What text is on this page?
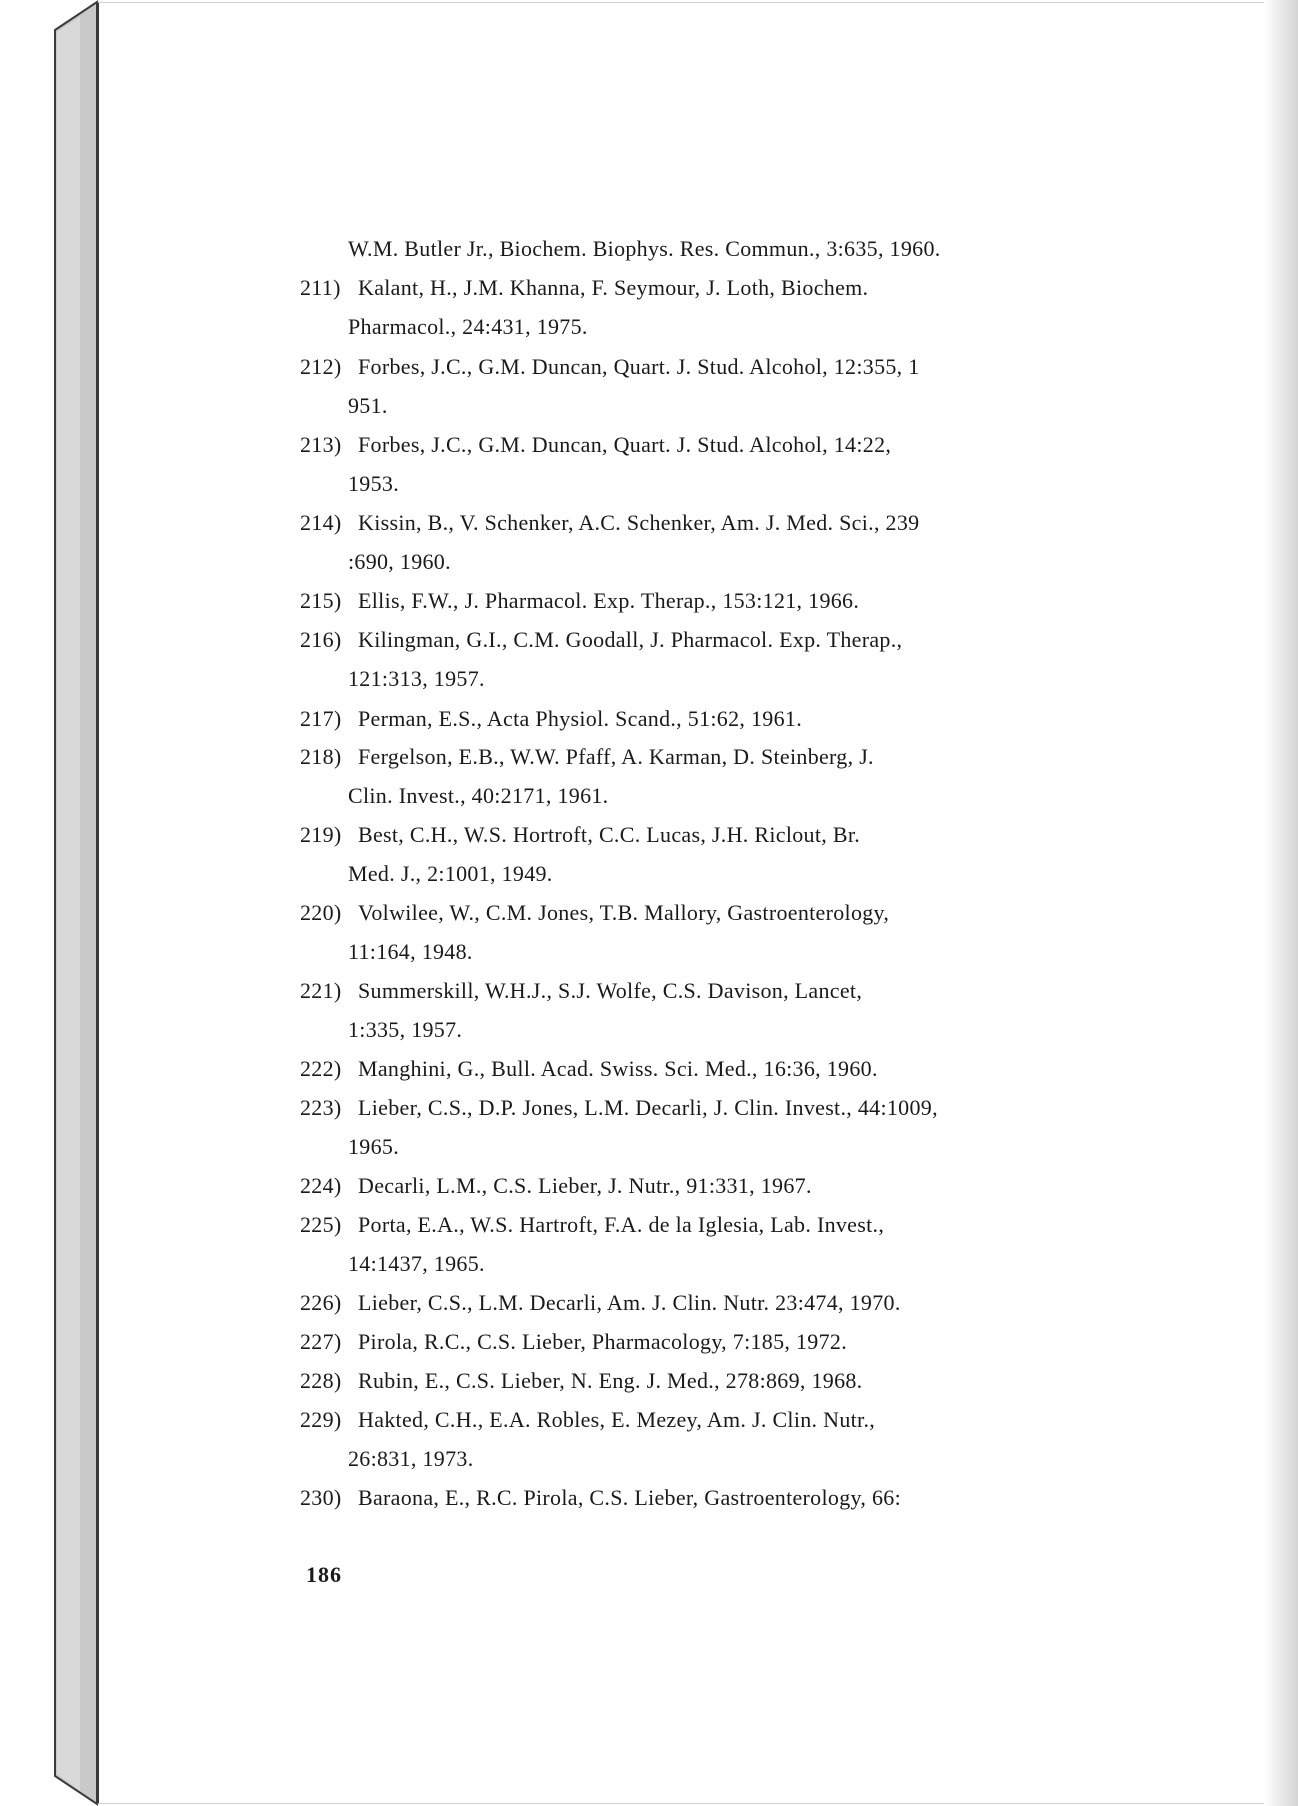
W.M. Butler Jr., Biochem. Biophys. Res. Commun., 3:635, 1960.
211) Kalant, H., J.M. Khanna, F. Seymour, J. Loth, Biochem.
Pharmacol., 24:431, 1975.
212) Forbes, J.C., G.M. Duncan, Quart. J. Stud. Alcohol, 12:355, 1
951.
213) Forbes, J.C., G.M. Duncan, Quart. J. Stud. Alcohol, 14:22,
1953.
214) Kissin, B., V. Schenker, A.C. Schenker, Am. J. Med. Sci., 239
:690, 1960.
215) Ellis, F.W., J. Pharmacol. Exp. Therap., 153:121, 1966.
216) Kilingman, G.I., C.M. Goodall, J. Pharmacol. Exp. Therap.,
121:313, 1957.
217) Perman, E.S., Acta Physiol. Scand., 51:62, 1961.
218) Fergelson, E.B., W.W. Pfaff, A. Karman, D. Steinberg, J.
Clin. Invest., 40:2171, 1961.
219) Best, C.H., W.S. Hortroft, C.C. Lucas, J.H. Riclout, Br.
Med. J., 2:1001, 1949.
220) Volwilee, W., C.M. Jones, T.B. Mallory, Gastroenterology,
11:164, 1948.
221) Summerskill, W.H.J., S.J. Wolfe, C.S. Davison, Lancet,
1:335, 1957.
222) Manghini, G., Bull. Acad. Swiss. Sci. Med., 16:36, 1960.
223) Lieber, C.S., D.P. Jones, L.M. Decarli, J. Clin. Invest., 44:1009,
1965.
224) Decarli, L.M., C.S. Lieber, J. Nutr., 91:331, 1967.
225) Porta, E.A., W.S. Hartroft, F.A. de la Iglesia, Lab. Invest.,
14:1437, 1965.
226) Lieber, C.S., L.M. Decarli, Am. J. Clin. Nutr. 23:474, 1970.
227) Pirola, R.C., C.S. Lieber, Pharmacology, 7:185, 1972.
228) Rubin, E., C.S. Lieber, N. Eng. J. Med., 278:869, 1968.
229) Hakted, C.H., E.A. Robles, E. Mezey, Am. J. Clin. Nutr.,
26:831, 1973.
230) Baraona, E., R.C. Pirola, C.S. Lieber, Gastroenterology, 66:
186
